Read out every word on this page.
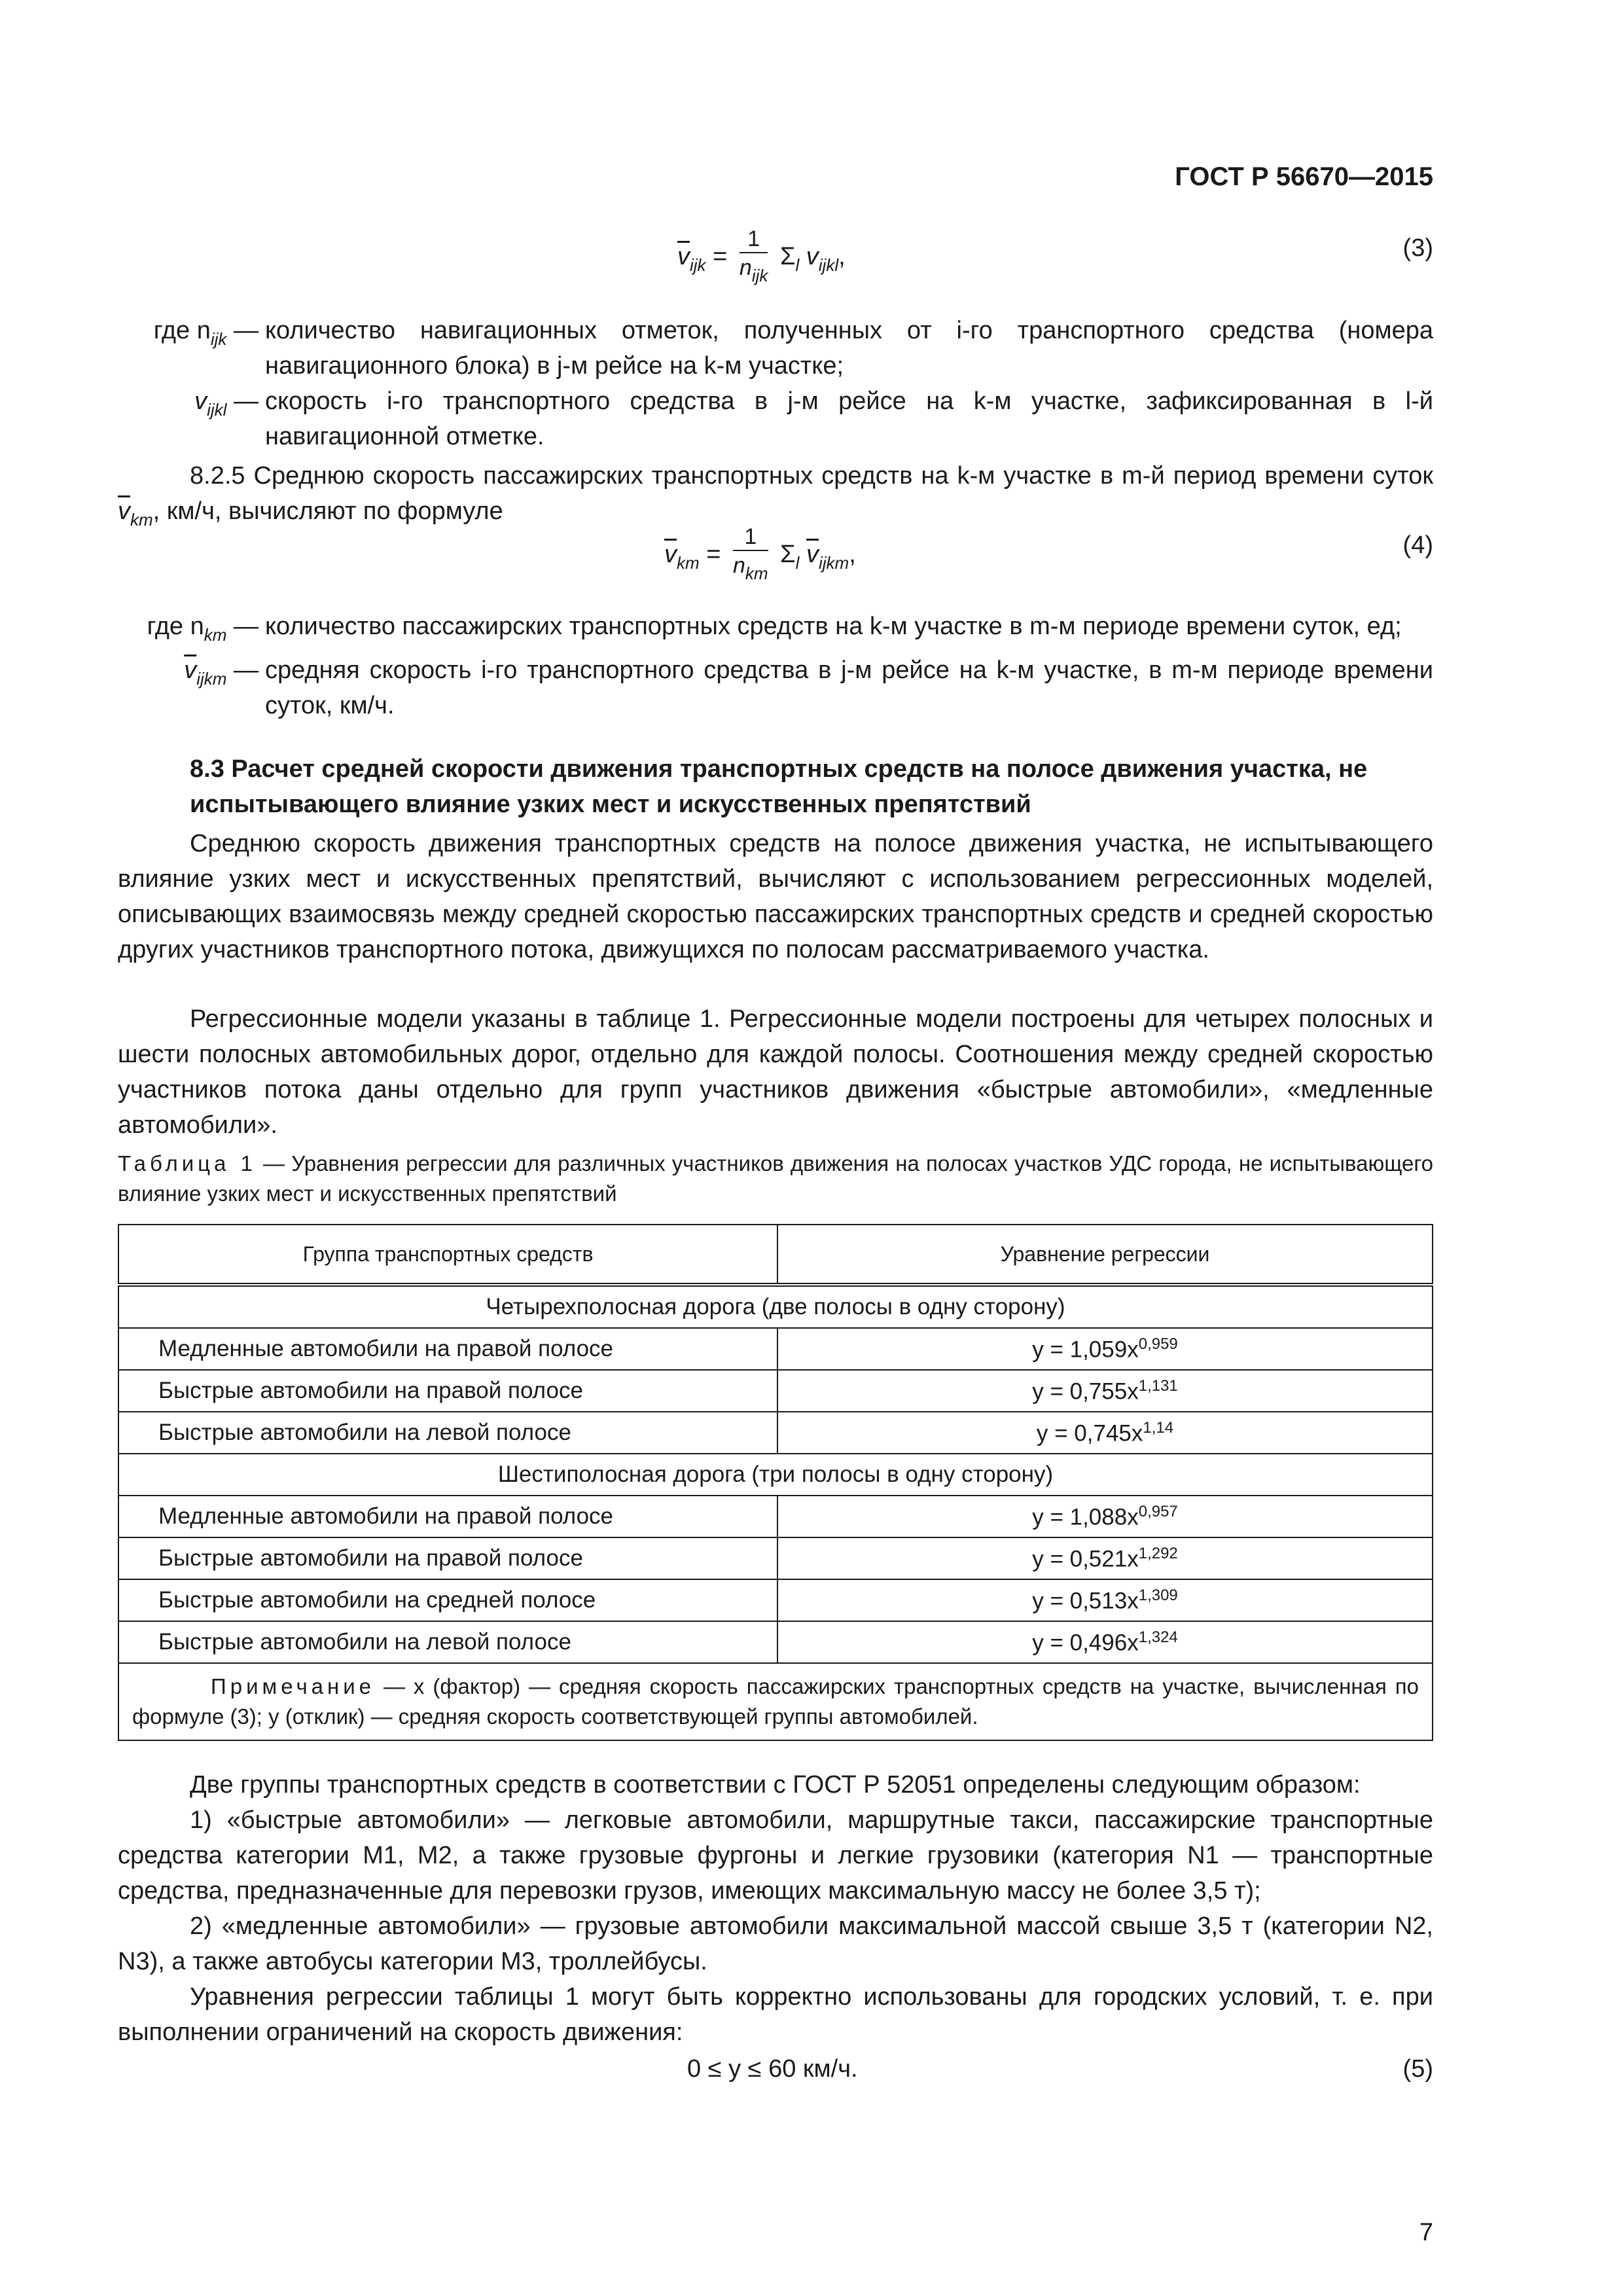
ГОСТ Р 56670—2015
$\overline{v}_{ijk} = \frac{1}{n_{ijk}} \Sigma_l$ $v_{ijkl}$,	(3)
где $n_{ijk}$ — количество навигационных отметок, полученных от i-го транспортного средства (номера навигационного блока) в j-м рейсе на k-м участке;
$v_{ijkl}$ — скорость i-го транспортного средства в j-м рейсе на k-м участке, зафиксированная в l-й навигационной отметке.

8.2.5 Среднюю скорость пассажирских транспортных средств на k-м участке в m-й период времени суток $\overline{v}_{km}$, км/ч, вычисляют по формуле

$\overline{v}_{km} = \frac{1}{n_{km}} \Sigma_l$ $\overline{v}_{ijkm}$,	(4)
где $n_{km}$ — количество пассажирских транспортных средств на k-м участке в m-м периоде времени суток, ед;
$\overline{v}_{ijkm}$ — средняя скорость i-го транспортного средства в j-м рейсе на k-м участке, в m-м периоде времени суток, км/ч.
8.3 Расчет средней скорости движения транспортных средств на полосе движения участка, не испытывающего влияние узких мест и искусственных препятствий

Среднюю скорость движения транспортных средств на полосе движения участка, не испытывающего влияние узких мест и искусственных препятствий, вычисляют с использованием регрессионных моделей, описывающих взаимосвязь между средней скоростью пассажирских транспортных средств и средней скоростью других участников транспортного потока, движущихся по полосам рассматриваемого участка.

Регрессионные модели указаны в таблице 1. Регрессионные модели построены для четырех полосных и шести полосных автомобильных дорог, отдельно для каждой полосы. Соотношения между средней скоростью участников потока даны отдельно для групп участников движения «быстрые автомобили», «медленные автомобили».

Таблица 1 — Уравнения регрессии для различных участников движения на полосах участков УДС города, не испытывающего влияние узких мест и искусственных препятствий
Группа транспортных средств	Уравнение регрессии
Четырехполосная дорога (две полосы в одну сторону)	
Медленные автомобили на правой полосе	$y = 1,059x^{0,959}$
Быстрые автомобили на правой полосе	$y = 0,755x^{1,131}$
Быстрые автомобили на левой полосе	$y = 0,745x^{1,14}$
Шестиполосная дорога (три полосы в одну сторону)	
Медленные автомобили на правой полосе	$y = 1,088x^{0,957}$
Быстрые автомобили на правой полосе	$y = 0,521x^{1,292}$
Быстрые автомобили на средней полосе	$y = 0,513x^{1,309}$
Быстрые автомобили на левой полосе	$y = 0,496x^{1,324}$
Примечание — x (фактор) — средняя скорость пассажирских транспортных средств на участке, вычисленная по формуле (3); y (отклик) — средняя скорость соответствующей группы автомобилей.	

Две группы транспортных средств в соответствии с ГОСТ Р 52051 определены следующим образом:

1) «быстрые автомобили» — легковые автомобили, маршрутные такси, пассажирские транспортные средства категории М1, М2, а также грузовые фургоны и легкие грузовики (категория N1 — транспортные средства, предназначенные для перевозки грузов, имеющих максимальную массу не более 3,5 т);

2) «медленные автомобили» — грузовые автомобили максимальной массой свыше 3,5 т (категории N2, N3), а также автобусы категории М3, троллейбусы.

Уравнения регрессии таблицы 1 могут быть корректно использованы для городских условий, т. е. при выполнении ограничений на скорость движения:

0 ≤ у ≤ 60 км/ч.	(5)
7
